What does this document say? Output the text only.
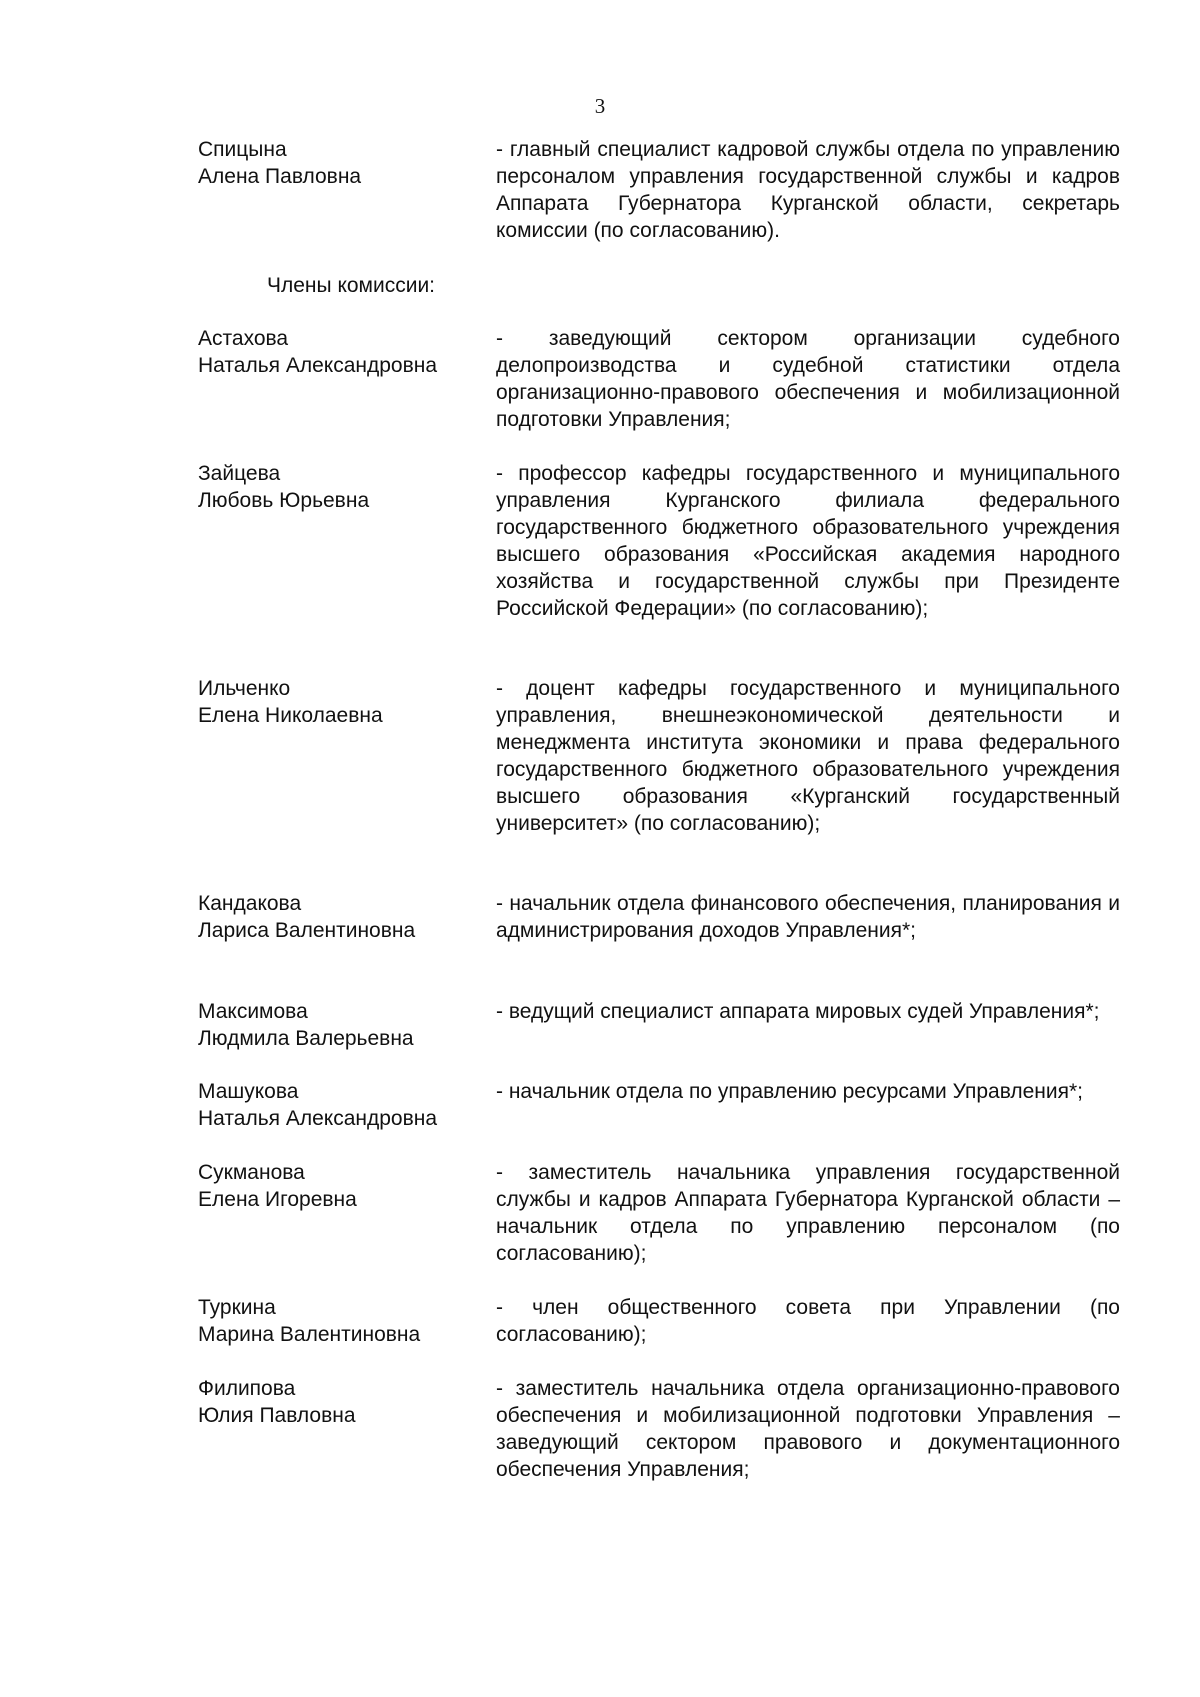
3
Спицына
Алена Павловна
- главный специалист кадровой службы отдела по управлению персоналом управления государственной службы и кадров Аппарата Губернатора Курганской области, секретарь комиссии (по согласованию).
Члены комиссии:
Астахова
Наталья Александровна
- заведующий сектором организации судебного делопроизводства и судебной статистики отдела организационно-правового обеспечения и мобилизационной подготовки Управления;
Зайцева
Любовь Юрьевна
- профессор кафедры государственного и муниципального управления Курганского филиала федерального государственного бюджетного образовательного учреждения высшего образования «Российская академия народного хозяйства и государственной службы при Президенте Российской Федерации» (по согласованию);
Ильченко
Елена Николаевна
- доцент кафедры государственного и муниципального управления, внешнеэкономической деятельности и менеджмента института экономики и права федерального государственного бюджетного образовательного учреждения высшего образования «Курганский государственный университет» (по согласованию);
Кандакова
Лариса Валентиновна
- начальник отдела финансового обеспечения, планирования и администрирования доходов Управления*;
Максимова
Людмила Валерьевна
- ведущий специалист аппарата мировых судей Управления*;
Машукова
Наталья Александровна
- начальник отдела по управлению ресурсами Управления*;
Сукманова
Елена Игоревна
- заместитель начальника управления государственной службы и кадров Аппарата Губернатора Курганской области – начальник отдела по управлению персоналом (по согласованию);
Туркина
Марина Валентиновна
- член общественного совета при Управлении (по согласованию);
Филипова
Юлия Павловна
- заместитель начальника отдела организационно-правового обеспечения и мобилизационной подготовки Управления – заведующий сектором правового и документационного обеспечения Управления;
